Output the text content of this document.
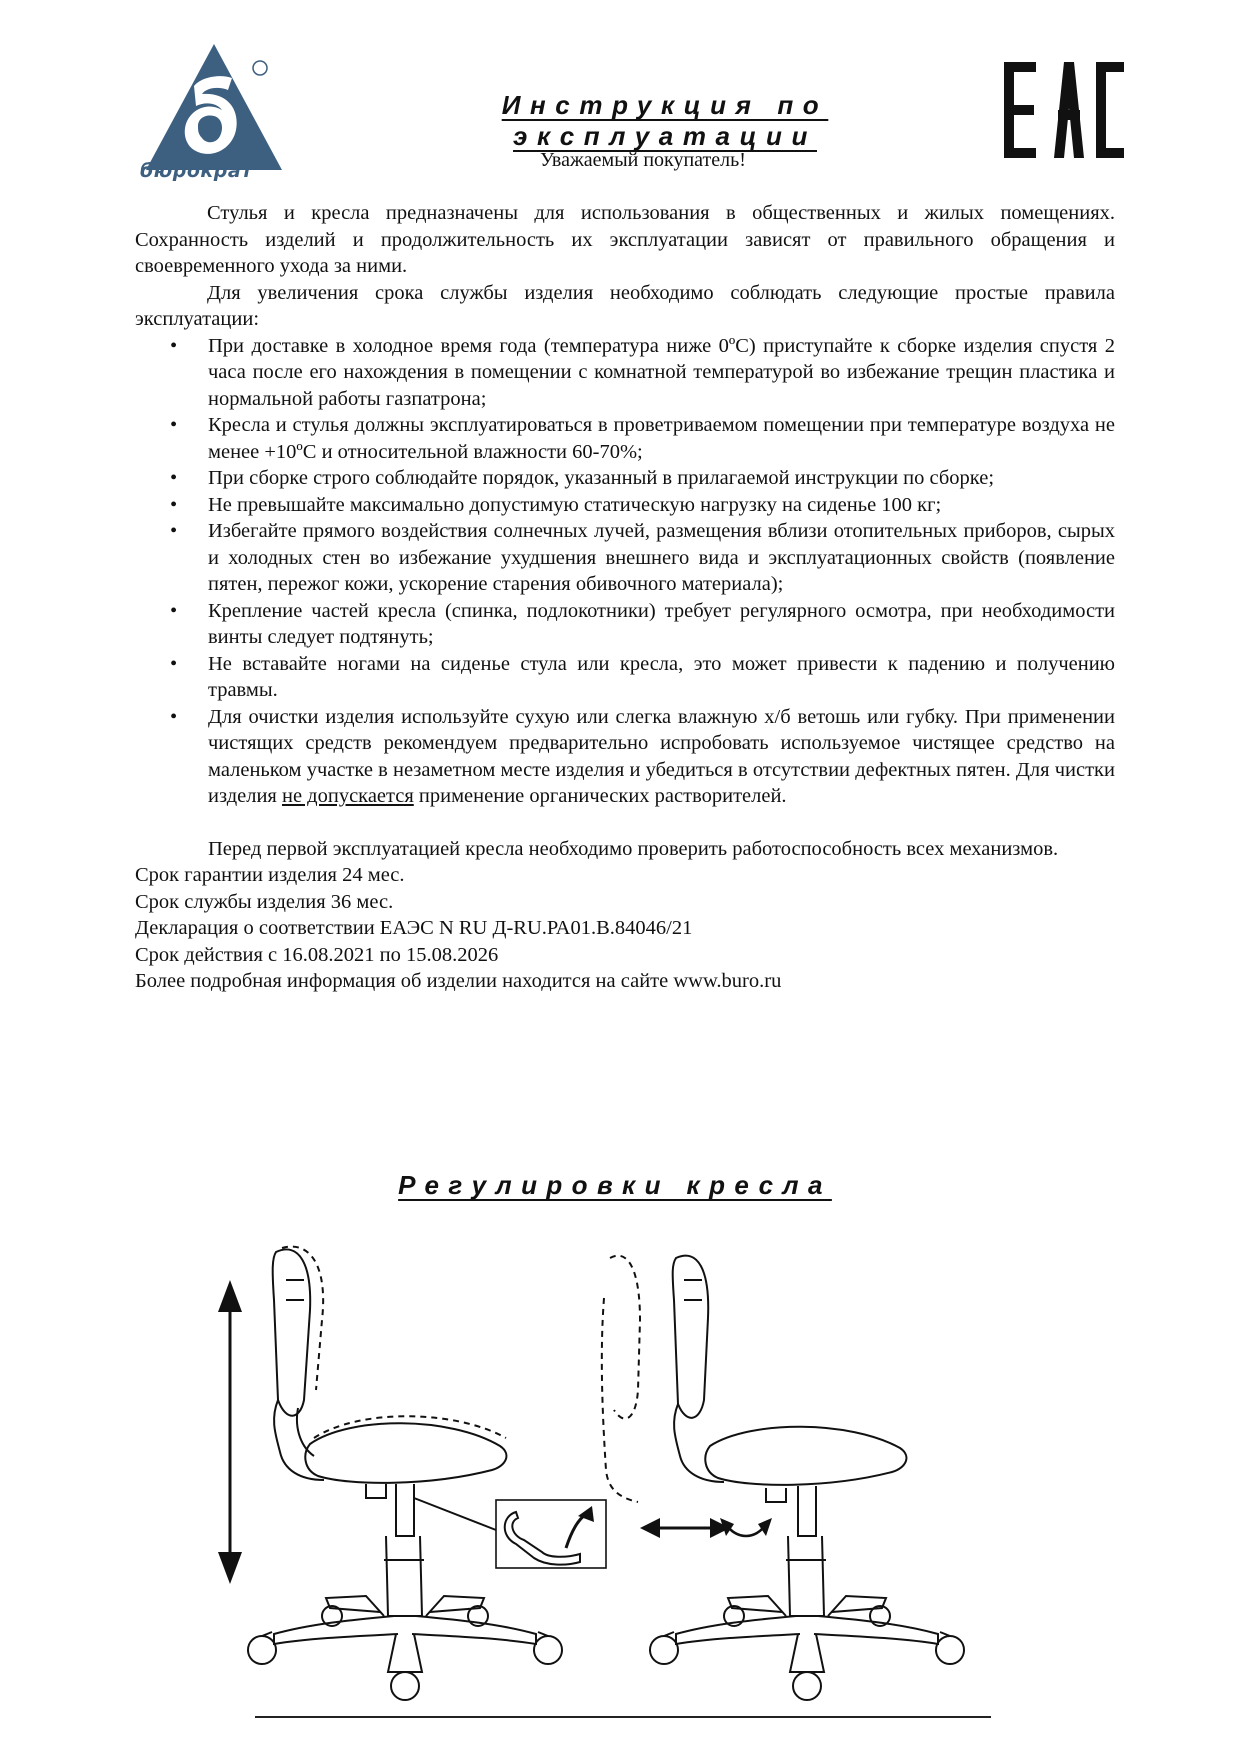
бюрократ
Инструкция по эксплуатации
Уважаемый покупатель!

Стулья и кресла предназначены для использования в общественных и жилых помещениях. Сохранность изделий и продолжительность их эксплуатации зависят от правильного обращения и своевременного ухода за ними.

Для увеличения срока службы изделия необходимо соблюдать следующие простые правила эксплуатации:

• При доставке в холодное время года (температура ниже 0ºС) приступайте к сборке изделия спустя 2 часа после его нахождения в помещении с комнатной температурой во избежание трещин пластика и нормальной работы газпатрона;
• Кресла и стулья должны эксплуатироваться в проветриваемом помещении при температуре воздуха не менее +10ºС и относительной влажности 60-70%;
• При сборке строго соблюдайте порядок, указанный в прилагаемой инструкции по сборке;
• Не превышайте максимально допустимую статическую нагрузку на сиденье 100 кг;
• Избегайте прямого воздействия солнечных лучей, размещения вблизи отопительных приборов, сырых и холодных стен во избежание ухудшения внешнего вида и эксплуатационных свойств (появление пятен, пережог кожи, ускорение старения обивочного материала);
• Крепление частей кресла (спинка, подлокотники) требует регулярного осмотра, при необходимости винты следует подтянуть;
• Не вставайте ногами на сиденье стула или кресла, это может привести к падению и получению травмы.
• Для очистки изделия используйте сухую или слегка влажную х/б ветошь или губку. При применении чистящих средств рекомендуем предварительно испробовать используемое чистящее средство на маленьком участке в незаметном месте изделия и убедиться в отсутствии дефектных пятен. Для чистки изделия не допускается применение органических растворителей.
Перед первой эксплуатацией кресла необходимо проверить работоспособность всех механизмов.
Срок гарантии изделия 24 мес.
Срок службы изделия 36 мес.
Декларация о соответствии ЕАЭС N RU Д-RU.РА01.В.84046/21
Срок действия с 16.08.2021 по 15.08.2026
Более подробная информация об изделии находится на сайте www.buro.ru
Регулировки кресла
